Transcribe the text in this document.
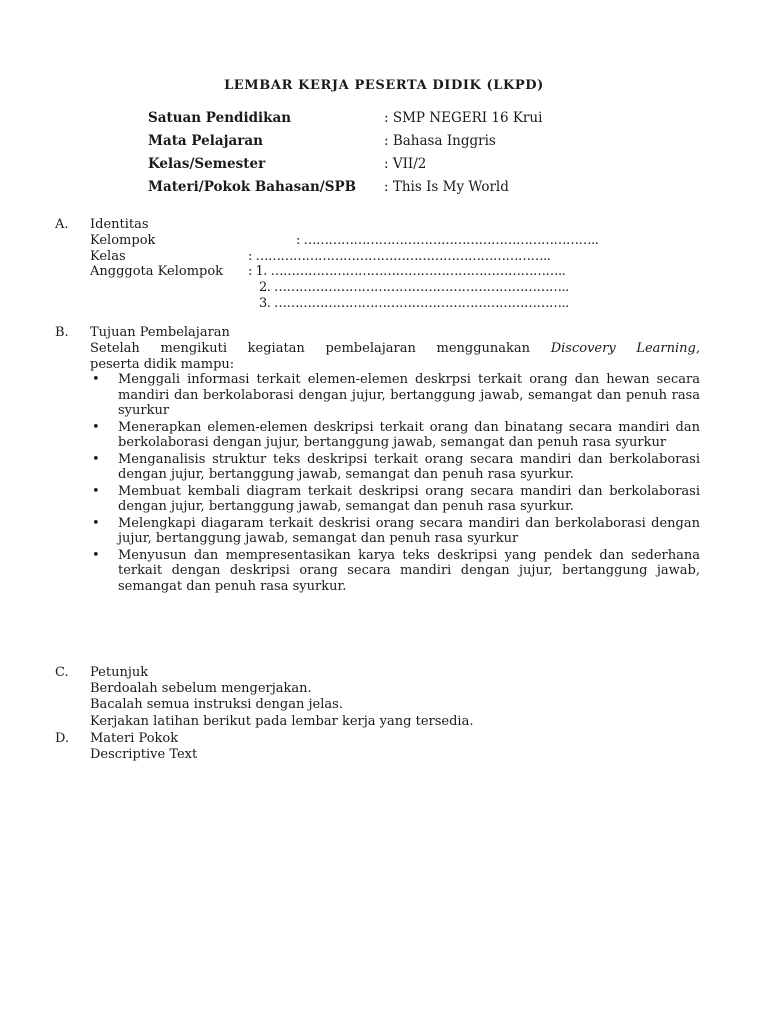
LEMBAR KERJA PESERTA DIDIK (LKPD)
Satuan Pendidikan	: SMP NEGERI 16 Krui
Mata Pelajaran	: Bahasa Inggris
Kelas/Semester	: VII/2
Materi/Pokok Bahasan/SPB : This Is My World
A. Identitas
Kelompok	: ……………………………………………………………..
Kelas	: ……………………………………………………………..
Angggota Kelompok : 1. ……………………………………………………………..
2. ……………………………………………………………..
3. ……………………………………………………………..
B. Tujuan Pembelajaran
Setelah mengikuti kegiatan pembelajaran menggunakan Discovery Learning,
peserta didik mampu:
• Menggali informasi terkait elemen-elemen deskrpsi terkait orang dan hewan secara mandiri dan berkolaborasi dengan jujur, bertanggung jawab, semangat dan penuh rasa syurkur
• Menerapkan elemen-elemen deskripsi terkait orang dan binatang secara mandiri dan berkolaborasi dengan jujur, bertanggung jawab, semangat dan penuh rasa syurkur
• Menganalisis struktur teks deskripsi terkait orang secara mandiri dan berkolaborasi dengan jujur, bertanggung jawab, semangat dan penuh rasa syurkur.
• Membuat kembali diagram terkait deskripsi orang secara mandiri dan berkolaborasi dengan jujur, bertanggung jawab, semangat dan penuh rasa syurkur.
• Melengkapi diagaram terkait deskrisi orang secara mandiri dan berkolaborasi dengan jujur, bertanggung jawab, semangat dan penuh rasa syurkur
• Menyusun dan mempresentasikan karya teks deskripsi yang pendek dan sederhana terkait dengan deskripsi orang secara mandiri dengan jujur, bertanggung jawab, semangat dan penuh rasa syurkur.
C. Petunjuk
Berdoalah sebelum mengerjakan.
Bacalah semua instruksi dengan jelas.
Kerjakan latihan berikut pada lembar kerja yang tersedia.
D. Materi Pokok
Descriptive Text
